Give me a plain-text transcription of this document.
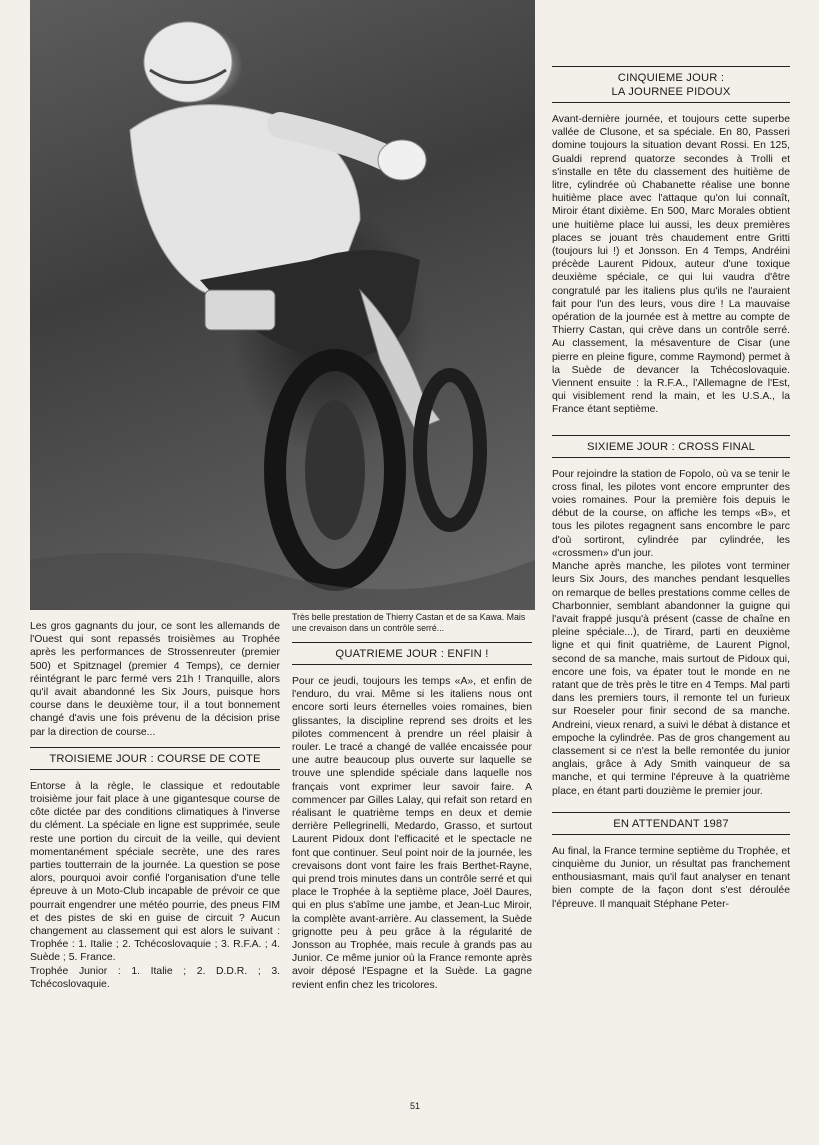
Les gros gagnants du jour, ce sont les allemands de l'Ouest qui sont repassés troisièmes au Trophée après les performances de Strossenreuter (premier 500) et Spitznagel (premier 4 Temps), ce dernier réintégrant le parc fermé vers 21h ! Tranquille, alors qu'il avait abandonné les Six Jours, puisque hors course dans le deuxième tour, il a tout bonnement changé d'avis une fois prévenu de la décision prise par la direction de course...

TROISIEME JOUR : COURSE DE COTE

Entorse à la règle, le classique et redoutable troisième jour fait place à une gigantesque course de côte dictée par des conditions climatiques à l'inverse du clément. La spéciale en ligne est supprimée, seule reste une portion du circuit de la veille, qui devient momentanément spéciale secrète, une des rares parties toutterrain de la journée. La question se pose alors, pourquoi avoir confié l'organisation d'une telle épreuve à un Moto-Club incapable de prévoir ce que pourrait engendrer une météo pourrie, des pneus FIM et des pistes de ski en guise de circuit ? Aucun changement au classement qui est alors le suivant : Trophée : 1. Italie ; 2. Tchécoslovaquie ; 3. R.F.A. ; 4. Suède ; 5. France.

Trophée Junior : 1. Italie ; 2. D.D.R. ; 3. Tchécoslovaquie.

Très belle prestation de Thierry Castan et de sa Kawa. Mais une crevaison dans un contrôle serré...

QUATRIEME JOUR : ENFIN !

Pour ce jeudi, toujours les temps «A», et enfin de l'enduro, du vrai. Même si les italiens nous ont encore sorti leurs éternelles voies romaines, bien glissantes, la discipline reprend ses droits et les pilotes commencent à prendre un réel plaisir à rouler. Le tracé a changé de vallée encaissée pour une autre beaucoup plus ouverte sur laquelle se trouve une splendide spéciale dans laquelle nos français vont exprimer leur savoir faire. A commencer par Gilles Lalay, qui refait son retard en réalisant le quatrième temps en deux et demie derrière Pellegrinelli, Medardo, Grasso, et surtout Laurent Pidoux dont l'efficacité et le spectacle ne font que continuer. Seul point noir de la journée, les crevaisons dont vont faire les frais Berthet-Rayne, qui prend trois minutes dans un contrôle serré et qui place le Trophée à la septième place, Joël Daures, qui en plus s'abîme une jambe, et Jean-Luc Miroir, la complète avant-arrière. Au classement, la Suède grignotte peu à peu grâce à la régularité de Jonsson au Trophée, mais recule à grands pas au Junior. Ce même junior où la France remonte après avoir déposé l'Espagne et la Suède. La gagne revient enfin chez les tricolores.

CINQUIEME JOUR :
LA JOURNEE PIDOUX

Avant-dernière journée, et toujours cette superbe vallée de Clusone, et sa spéciale. En 80, Passeri domine toujours la situation devant Rossi. En 125, Gualdi reprend quatorze secondes à Trolli et s'installe en tête du classement des huitième de litre, cylindrée où Chabanette réalise une bonne huitième place avec l'attaque qu'on lui connaît, Miroir étant dixième. En 500, Marc Morales obtient une huitième place lui aussi, les deux premières places se jouant très chaudement entre Gritti (toujours lui !) et Jonsson. En 4 Temps, Andréini précède Laurent Pidoux, auteur d'une toxique deuxième spéciale, ce qui lui vaudra d'être congratulé par les italiens plus qu'ils ne l'auraient fait pour l'un des leurs, vous dire ! La mauvaise opération de la journée est à mettre au compte de Thierry Castan, qui crève dans un contrôle serré. Au classement, la mésaventure de Cisar (une pierre en pleine figure, comme Raymond) permet à la Suède de devancer la Tchécoslovaquie. Viennent ensuite : la R.F.A., l'Allemagne de l'Est, qui visiblement rend la main, et les U.S.A., la France étant septième.

SIXIEME JOUR : CROSS FINAL

Pour rejoindre la station de Fopolo, où va se tenir le cross final, les pilotes vont encore emprunter des voies romaines. Pour la première fois depuis le début de la course, on affiche les temps «B», et tous les pilotes regagnent sans encombre le parc d'où sortiront, cylindrée par cylindrée, les «crossmen» d'un jour.

Manche après manche, les pilotes vont terminer leurs Six Jours, des manches pendant lesquelles on remarque de belles prestations comme celles de Charbonnier, semblant abandonner la guigne qui l'avait frappé jusqu'à présent (casse de chaîne en pleine spéciale...), de Tirard, parti en deuxième ligne et qui finit quatrième, de Laurent Pignol, second de sa manche, mais surtout de Pidoux qui, encore une fois, va épater tout le monde en ne ratant que de très près le titre en 4 Temps. Mal parti dans les premiers tours, il remonte tel un furieux sur Roeseler pour finir second de sa manche. Andreini, vieux renard, a suivi le débat à distance et empoche la cylindrée. Pas de gros changement au classement si ce n'est la belle remontée du junior anglais, grâce à Ady Smith vainqueur de sa manche, et qui termine l'épreuve à la quatrième place, en étant parti douzième le premier jour.

EN ATTENDANT 1987

Au final, la France termine septième du Trophée, et cinquième du Junior, un résultat pas franchement enthousiasmant, mais qu'il faut analyser en tenant bien compte de la façon dont s'est déroulée l'épreuve. Il manquait Stéphane Peter-

51
